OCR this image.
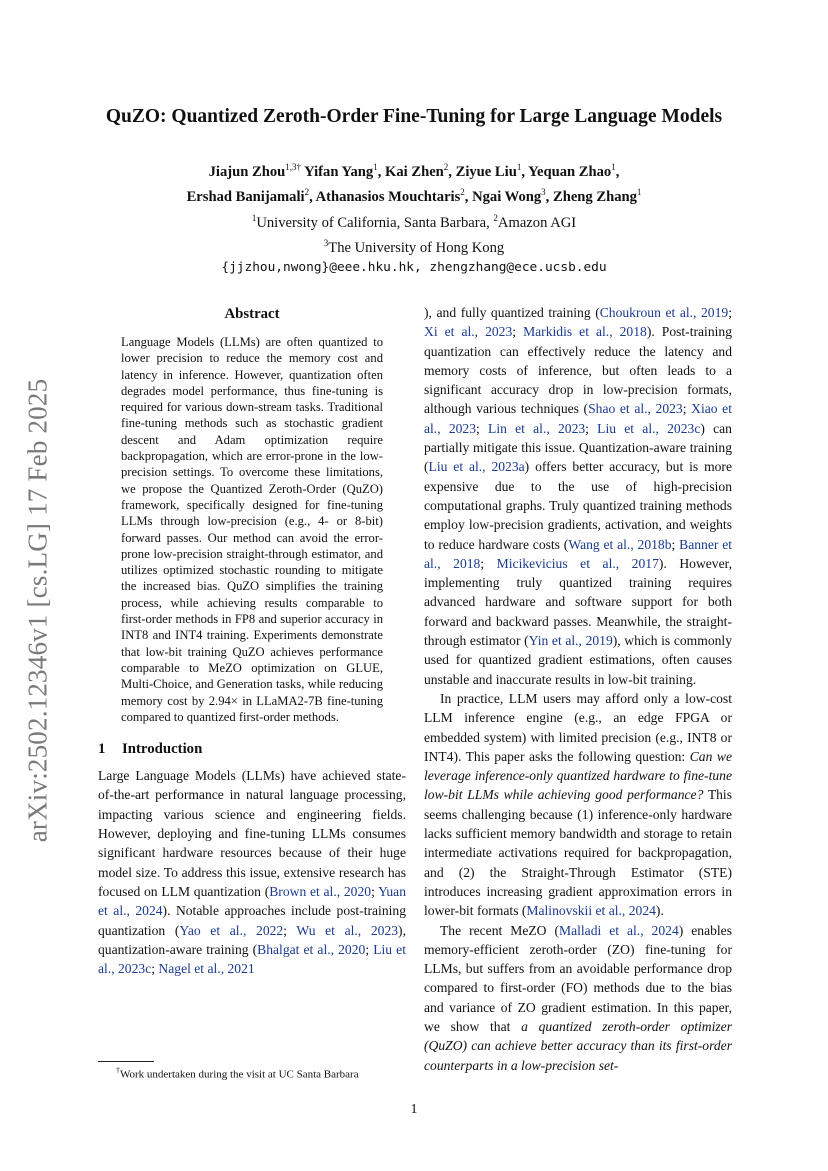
arXiv:2502.12346v1 [cs.LG] 17 Feb 2025
QuZO: Quantized Zeroth-Order Fine-Tuning for Large Language Models
Jiajun Zhou$^{1,3\dagger}$ Yifan Yang$^1$, Kai Zhen$^2$, Ziyue Liu$^1$, Yequan Zhao$^1$,
Ershad Banijamali$^2$, Athanasios Mouchtaris$^2$, Ngai Wong$^3$, Zheng Zhang$^1$
$^1$University of California, Santa Barbara, $^2$Amazon AGI
$^3$The University of Hong Kong
{jjzhou,nwong}@eee.hku.hk, zhengzhang@ece.ucsb.edu
Abstract

Language Models (LLMs) are often quantized to lower precision to reduce the memory cost and latency in inference. However, quantization often degrades model performance, thus fine-tuning is required for various down-stream tasks. Traditional fine-tuning methods such as stochastic gradient descent and Adam optimization require backpropagation, which are error-prone in the low-precision settings. To overcome these limitations, we propose the Quantized Zeroth-Order (QuZO) framework, specifically designed for fine-tuning LLMs through low-precision (e.g., 4- or 8-bit) forward passes. Our method can avoid the error-prone low-precision straight-through estimator, and utilizes optimized stochastic rounding to mitigate the increased bias. QuZO simplifies the training process, while achieving results comparable to first-order methods in FP8 and superior accuracy in INT8 and INT4 training. Experiments demonstrate that low-bit training QuZO achieves performance comparable to MeZO optimization on GLUE, Multi-Choice, and Generation tasks, while reducing memory cost by 2.94× in LLaMA2-7B fine-tuning compared to quantized first-order methods.

1 Introduction

Large Language Models (LLMs) have achieved state-of-the-art performance in natural language processing, impacting various science and engineering fields. However, deploying and fine-tuning LLMs consumes significant hardware resources because of their huge model size. To address this issue, extensive research has focused on LLM quantization (Brown et al., 2020; Yuan et al., 2024). Notable approaches include post-training quantization (Yao et al., 2022; Wu et al., 2023), quantization-aware training (Bhalgat et al., 2020; Liu et al., 2023c; Nagel et al., 2021

), and fully quantized training (Choukroun et al., 2019; Xi et al., 2023; Markidis et al., 2018). Post-training quantization can effectively reduce the latency and memory costs of inference, but often leads to a significant accuracy drop in low-precision formats, although various techniques (Shao et al., 2023; Xiao et al., 2023; Lin et al., 2023; Liu et al., 2023c) can partially mitigate this issue. Quantization-aware training (Liu et al., 2023a) offers better accuracy, but is more expensive due to the use of high-precision computational graphs. Truly quantized training methods employ low-precision gradients, activation, and weights to reduce hardware costs (Wang et al., 2018b; Banner et al., 2018; Micikevicius et al., 2017). However, implementing truly quantized training requires advanced hardware and software support for both forward and backward passes. Meanwhile, the straight-through estimator (Yin et al., 2019), which is commonly used for quantized gradient estimations, often causes unstable and inaccurate results in low-bit training.

In practice, LLM users may afford only a low-cost LLM inference engine (e.g., an edge FPGA or embedded system) with limited precision (e.g., INT8 or INT4). This paper asks the following question: Can we leverage inference-only quantized hardware to fine-tune low-bit LLMs while achieving good performance? This seems challenging because (1) inference-only hardware lacks sufficient memory bandwidth and storage to retain intermediate activations required for backpropagation, and (2) the Straight-Through Estimator (STE) introduces increasing gradient approximation errors in lower-bit formats (Malinovskii et al., 2024).

The recent MeZO (Malladi et al., 2024) enables memory-efficient zeroth-order (ZO) fine-tuning for LLMs, but suffers from an avoidable performance drop compared to first-order (FO) methods due to the bias and variance of ZO gradient estimation. In this paper, we show that a quantized zeroth-order optimizer (QuZO) can achieve better accuracy than its first-order counterparts in a low-precision set-

†Work undertaken during the visit at UC Santa Barbara
1
